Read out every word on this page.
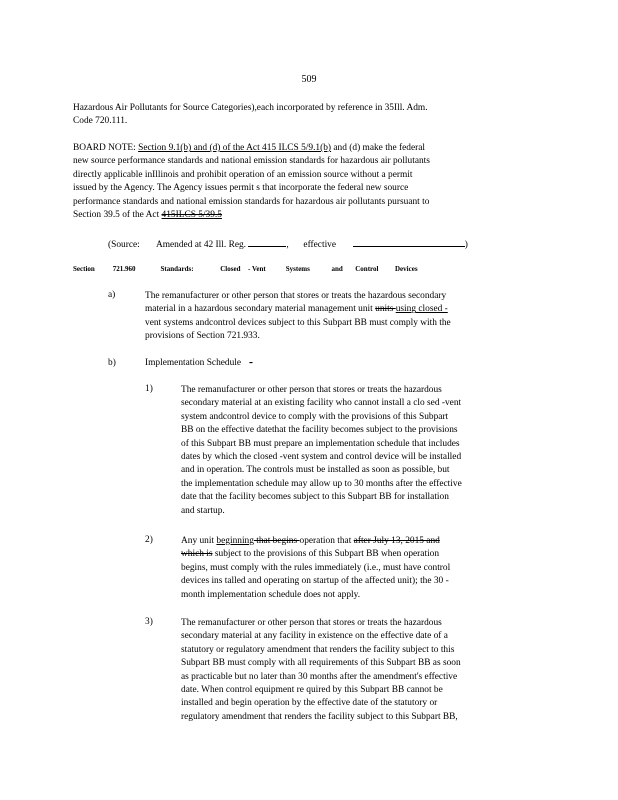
509
Hazardous Air Pollutants for Source Categories),each incorporated by reference in 35Ill. Adm.
Code 720.111.
BOARD NOTE: Section 9.1(b) and (d) of the Act 415 ILCS 5/9.1(b) and (d) make the federal
new source performance standards and national emission standards for hazardous air pollutants
directly applicable inIllinois and prohibit operation of an emission source without a permit
issued by the Agency. The Agency issues permit s that incorporate the federal new source
performance standards and national emission standards for hazardous air pollutants pursuant to
Section 39.5 of the Act 415ILCS 5/39.5
(Source: Amended at 42 Ill. Reg.	,  effective	)
Section	721.960	Standards:	Closed - Vent	Systems	and Control Devices
a)	The remanufacturer or other person that stores or treats the hazardous secondary
material in a hazardous secondary material management unit units using closed -
vent systems andcontrol devices subject to this Subpart BB must comply with the
provisions of Section 721.933.
b)	Implementation Schedule -
1)	The remanufacturer or other person that stores or treats the hazardous
secondary material at an existing facility who cannot install a clo sed -vent
system andcontrol device to comply with the provisions of this Subpart
BB on the effective datethat the facility becomes subject to the provisions
of this Subpart BB must prepare an implementation schedule that includes
dates by which the closed -vent system and control device will be installed
and in operation. The controls must be installed as soon as possible, but
the implementation schedule may allow up to 30 months after the effective
date that the facility becomes subject to this Subpart BB for installation
and startup.
2)	Any unit beginning that begins operation that after July 13, 2015 and
which is subject to the provisions of this Subpart BB when operation
begins, must comply with the rules immediately (i.e., must have control
devices ins talled and operating on startup of the affected unit); the 30 -
month implementation schedule does not apply.
3)	The remanufacturer or other person that stores or treats the hazardous
secondary material at any facility in existence on the effective date of a
statutory or regulatory amendment that renders the facility subject to this
Subpart BB must comply with all requirements of this Subpart BB as soon
as practicable but no later than 30 months after the amendment's effective
date. When control equipment re quired by this Subpart BB cannot be
installed and begin operation by the effective date of the statutory or
regulatory amendment that renders the facility subject to this Subpart BB,
